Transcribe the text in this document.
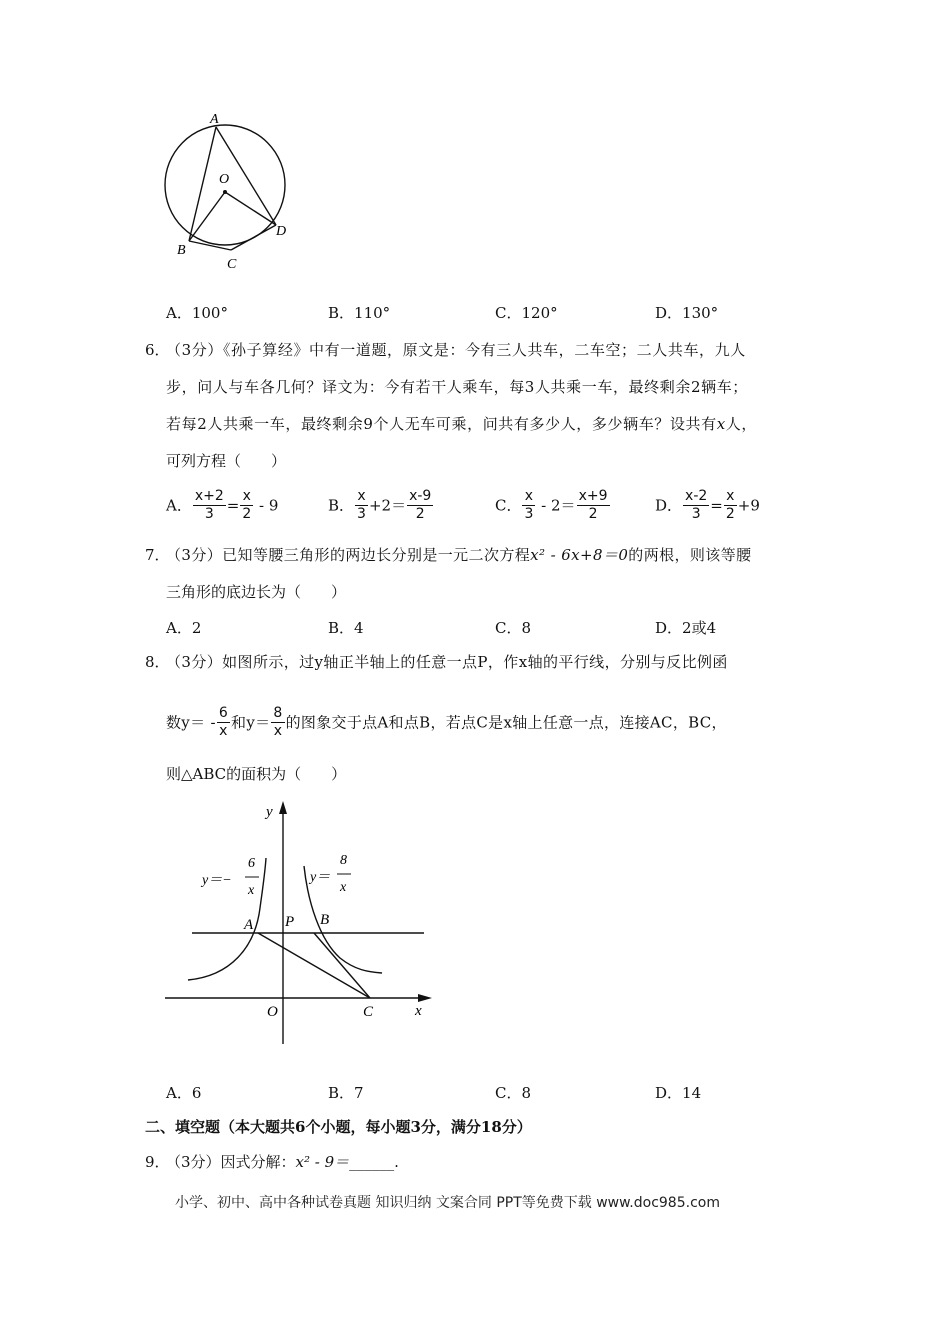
A
O
B
C
D
A．100°	B．110°	C．120°	D．130°
6．
（3分）《孙子算经》中有一道题，原文是：今有三人共车，二车空；二人共车，九人
步，问人与车各几何？译文为：今有若干人乘车，每3人共乘一车，最终剩余2辆车；
若每2人共乘一车，最终剩余9个人无车可乘，问共有多少人，多少辆车？设共有x人，
可列方程（　　）
A． $\frac{x+2}{3} = \frac{x}{2} - 9$	B． $\frac{x}{3} +2= \frac{x-9}{2}$	C． $\frac{x}{3} - 2= \frac{x+9}{2}$	D． $\frac{x-2}{3} = \frac{x}{2} +9$
7．
（3分）已知等腰三角形的两边长分别是一元二次方程x² - 6x+8＝0的两根，则该等腰
三角形的底边长为（　　）
A．2	B．4	C．8	D．2或4
8．
（3分）如图所示，过y轴正半轴上的任意一点P，作x轴的平行线，分别与反比例函
数$y= - \frac{6}{x}$ 和$y= \frac{8}{x}$ 的图象交于点A和点B，若点C是x轴上任意一点，连接AC，BC，
则△ABC的面积为（　　）
y
x
A P B
O	C
y＝−
6
x
y＝
8
x
A．6	B．7	C．8	D．14
二、填空题（本大题共6个小题，每小题3分，满分18分）
9．
（3分）因式分解：x² - 9＝______.
小学、初中、高中各种试卷真题 知识归纳 文案合同 PPT等免费下载 www.doc985.com
